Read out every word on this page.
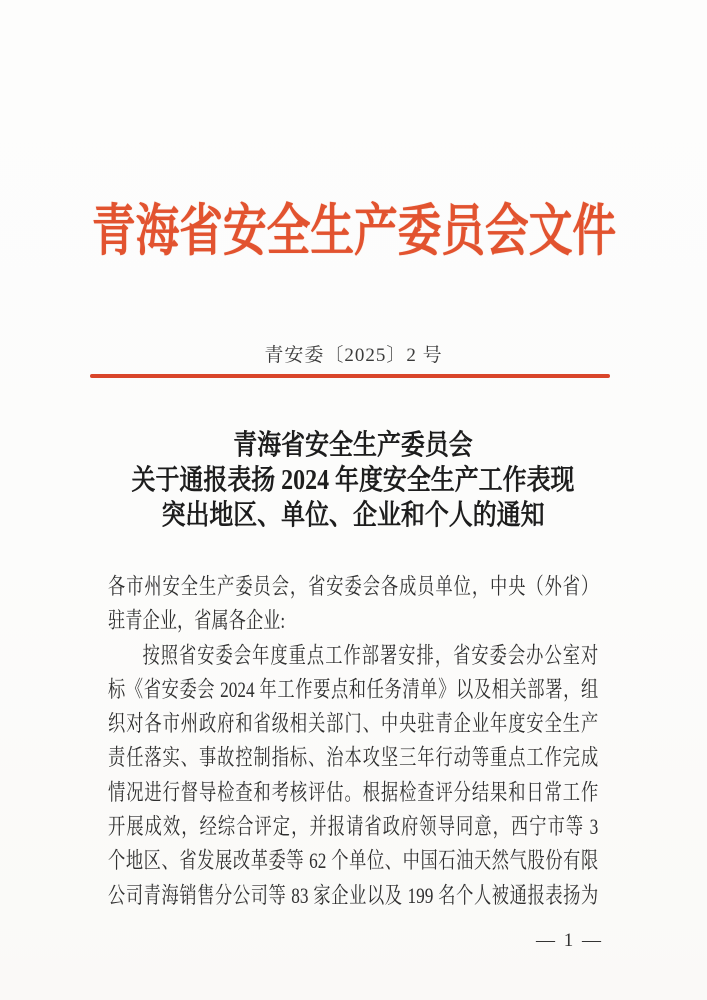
青海省安全生产委员会文件
青安委〔2025〕2 号
青海省安全生产委员会
关于通报表扬 2024 年度安全生产工作表现
突出地区、单位、企业和个人的通知
各市州安全生产委员会，省安委会各成员单位，中央（外省）
驻青企业，省属各企业:
按照省安委会年度重点工作部署安排，省安委会办公室对
标《省安委会 2024 年工作要点和任务清单》以及相关部署，组
织对各市州政府和省级相关部门、中央驻青企业年度安全生产
责任落实、事故控制指标、治本攻坚三年行动等重点工作完成
情况进行督导检查和考核评估。根据检查评分结果和日常工作
开展成效，经综合评定，并报请省政府领导同意，西宁市等 3
个地区、省发展改革委等 62 个单位、中国石油天然气股份有限
公司青海销售分公司等 83 家企业以及 199 名个人被通报表扬为
— 1 —
